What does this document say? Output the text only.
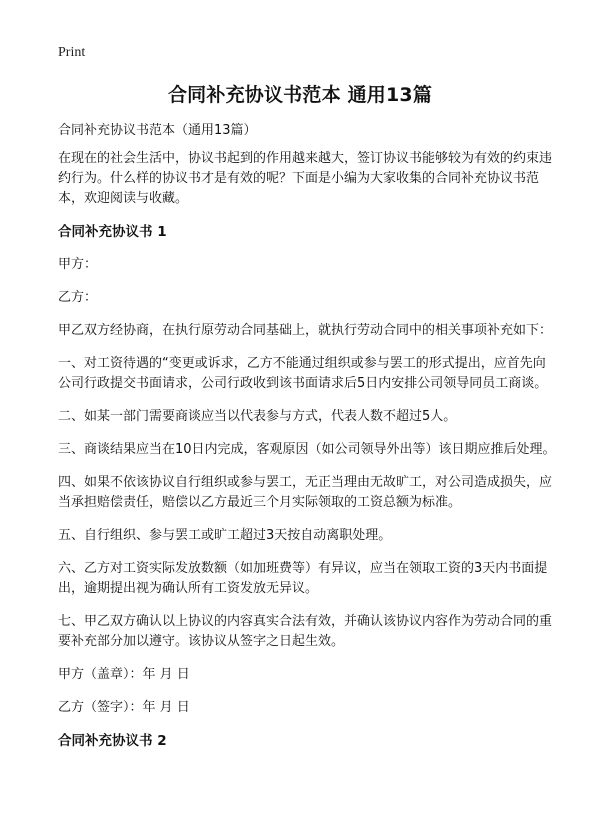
Print
合同补充协议书范本 通用13篇

合同补充协议书范本（通用13篇）

在现在的社会生活中，协议书起到的作用越来越大，签订协议书能够较为有效的约束违约行为。什么样的协议书才是有效的呢？下面是小编为大家收集的合同补充协议书范本，欢迎阅读与收藏。

合同补充协议书 1

甲方：

乙方：

甲乙双方经协商，在执行原劳动合同基础上，就执行劳动合同中的相关事项补充如下：

一、对工资待遇的“变更或诉求，乙方不能通过组织或参与罢工的形式提出，应首先向公司行政提交书面请求，公司行政收到该书面请求后5日内安排公司领导同员工商谈。

二、如某一部门需要商谈应当以代表参与方式，代表人数不超过5人。

三、商谈结果应当在10日内完成，客观原因（如公司领导外出等）该日期应推后处理。

四、如果不依该协议自行组织或参与罢工，无正当理由无故旷工，对公司造成损失，应当承担赔偿责任，赔偿以乙方最近三个月实际领取的工资总额为标准。

五、自行组织、参与罢工或旷工超过3天按自动离职处理。

六、乙方对工资实际发放数额（如加班费等）有异议，应当在领取工资的3天内书面提出，逾期提出视为确认所有工资发放无异议。

七、甲乙双方确认以上协议的内容真实合法有效，并确认该协议内容作为劳动合同的重要补充部分加以遵守。该协议从签字之日起生效。

甲方（盖章）：年 月 日

乙方（签字）：年 月 日

合同补充协议书 2
